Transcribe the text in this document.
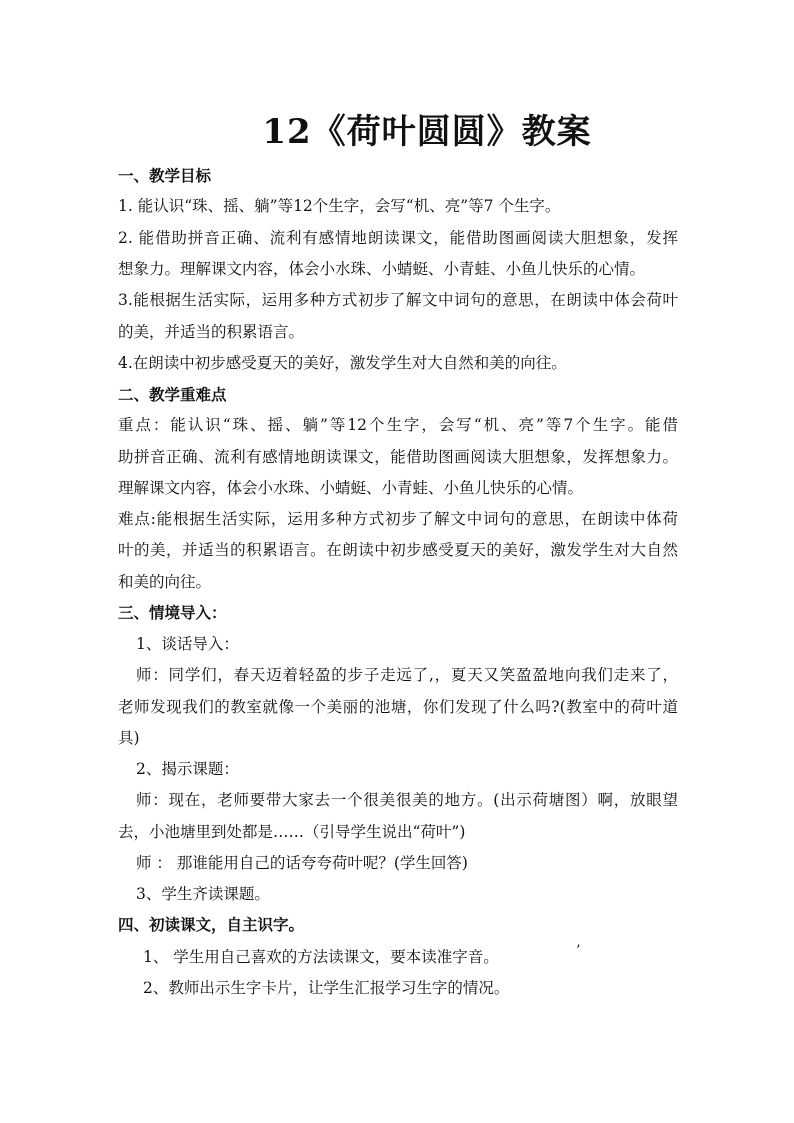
12《荷叶圆圆》教案
一、教学目标
1. 能认识“珠、摇、躺”等12个生字，会写“机、亮”等7 个生字。
2. 能借助拼音正确、流利有感情地朗读课文，能借助图画阅读大胆想象，发挥
想象力。理解课文内容，体会小水珠、小蜻蜓、小青蛙、小鱼儿快乐的心情。
3.能根据生活实际，运用多种方式初步了解文中词句的意思，在朗读中体会荷叶
的美，并适当的积累语言。
4.在朗读中初步感受夏天的美好，激发学生对大自然和美的向往。
二、教学重难点
重点：能认识“珠、摇、躺”等12个生字，会写“机、亮”等7个生字。能借
助拼音正确、流利有感情地朗读课文，能借助图画阅读大胆想象，发挥想象力。
理解课文内容，体会小水珠、小蜻蜓、小青蛙、小鱼儿快乐的心情。
难点:能根据生活实际，运用多种方式初步了解文中词句的意思，在朗读中体荷
叶的美，并适当的积累语言。在朗读中初步感受夏天的美好，激发学生对大自然
和美的向往。
三、情境导入：
1、谈话导入：
师：同学们，春天迈着轻盈的步子走远了,，夏天又笑盈盈地向我们走来了，
老师发现我们的教室就像一个美丽的池塘，你们发现了什么吗?(教室中的荷叶道
具)
2、揭示课题：
师：现在，老师要带大家去一个很美很美的地方。(出示荷塘图）啊，放眼望
去，小池塘里到处都是……（引导学生说出“荷叶”)
师 ： 那谁能用自己的话夸夸荷叶呢？(学生回答)
3、学生齐读课题。
四、初读课文，自主识字。
1、 学生用自己喜欢的方法读课文，要本读准字音。
2、教师出示生字卡片，让学生汇报学习生字的情况。
’
